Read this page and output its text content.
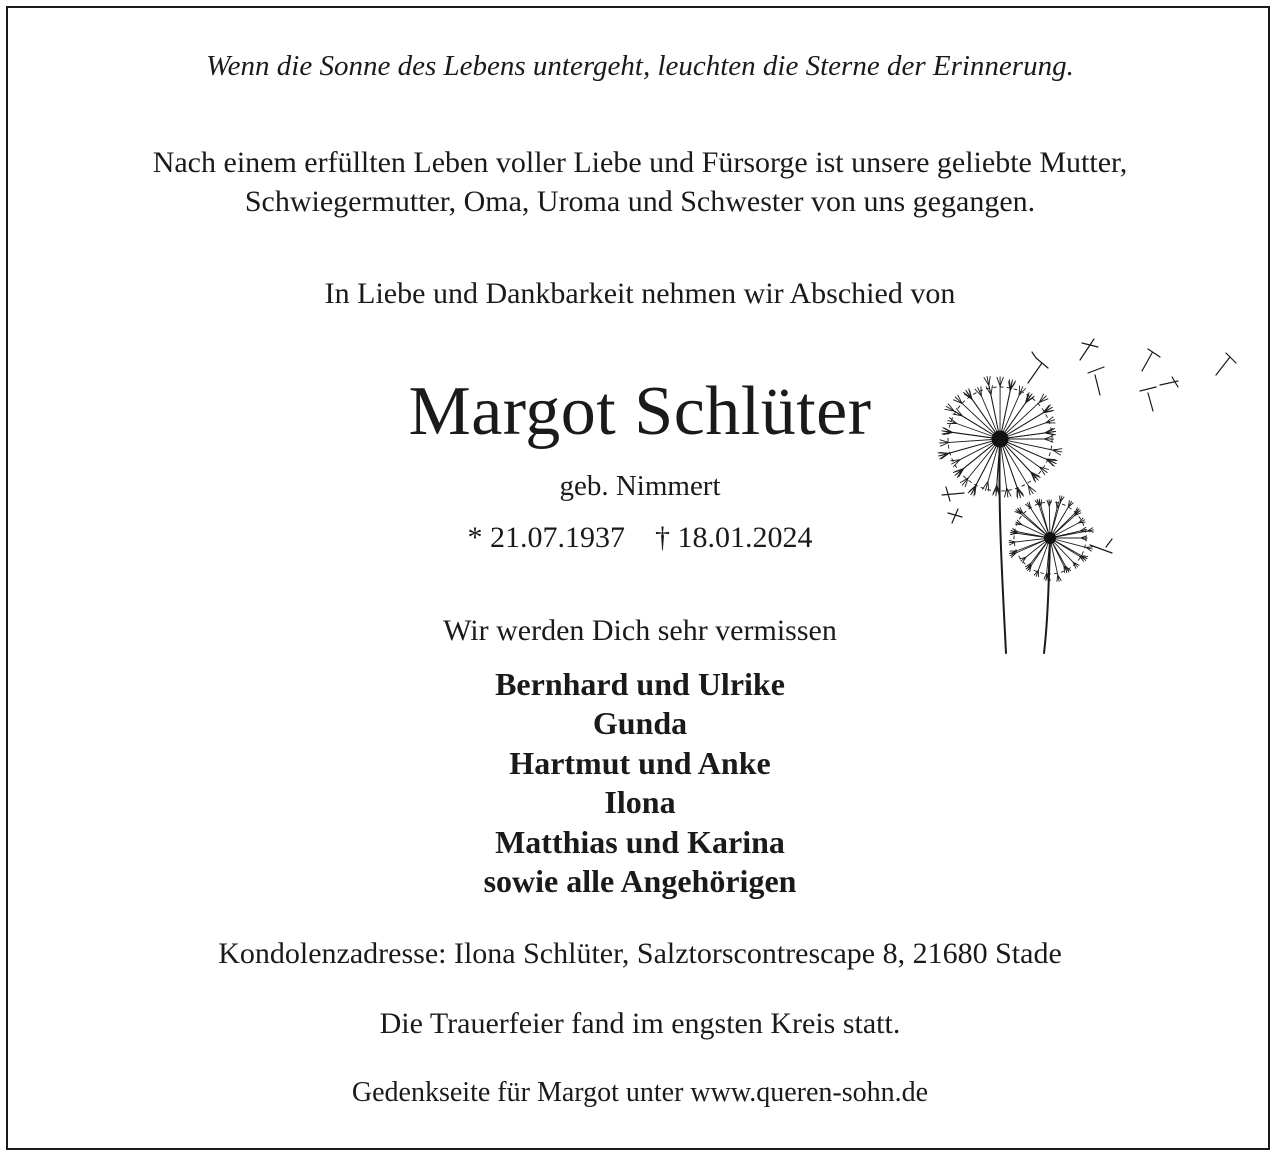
Wenn die Sonne des Lebens untergeht, leuchten die Sterne der Erinnerung.
Nach einem erfüllten Leben voller Liebe und Fürsorge ist unsere geliebte Mutter,
Schwiegermutter, Oma, Uroma und Schwester von uns gegangen.
In Liebe und Dankbarkeit nehmen wir Abschied von
Margot Schlüter
geb. Nimmert
* 21.07.1937 † 18.01.2024
Wir werden Dich sehr vermissen
Bernhard und Ulrike
Gunda
Hartmut und Anke
Ilona
Matthias und Karina
sowie alle Angehörigen
Kondolenzadresse: Ilona Schlüter, Salztorscontrescape 8, 21680 Stade
Die Trauerfeier fand im engsten Kreis statt.
Gedenkseite für Margot unter www.queren-sohn.de
